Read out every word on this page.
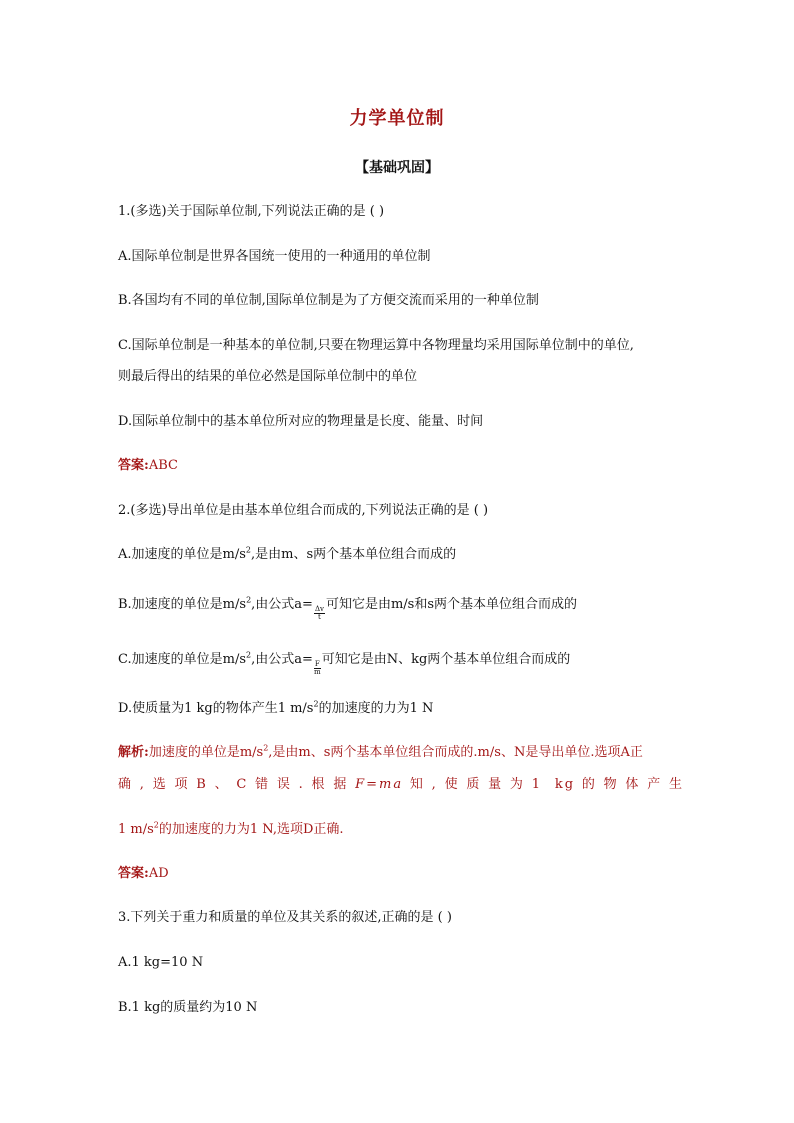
力学单位制
【基础巩固】
1.(多选)关于国际单位制,下列说法正确的是 ( )
A.国际单位制是世界各国统一使用的一种通用的单位制
B.各国均有不同的单位制,国际单位制是为了方便交流而采用的一种单位制
C.国际单位制是一种基本的单位制,只要在物理运算中各物理量均采用国际单位制中的单位,
则最后得出的结果的单位必然是国际单位制中的单位
D.国际单位制中的基本单位所对应的物理量是长度、能量、时间
答案:ABC
2.(多选)导出单位是由基本单位组合而成的,下列说法正确的是 ( )
A.加速度的单位是$m/s^2$,是由m、s两个基本单位组合而成的
B.加速度的单位是$m/s^2$,由公式a=
$\frac{\Delta v}{t}$
可知它是由m/s和s两个基本单位组合而成的
C.加速度的单位是$m/s^2$,由公式a=
$\frac{F}{m}$
可知它是由N、kg两个基本单位组合而成的
D.使质量为1 kg的物体产生1 $m/s^2$的加速度的力为1 N
解析:加速度的单位是$m/s^2$,是由m、s两个基本单位组合而成的.m/s、N是导出单位.选项A正
确,选项B、C错误.根据F=ma知,使质量为1 kg的物体产生
1 $m/s^2$的加速度的力为1 N,选项D正确.
答案:AD
3.下列关于重力和质量的单位及其关系的叙述,正确的是 ( )
A.1 kg=10 N
B.1 kg的质量约为10 N
